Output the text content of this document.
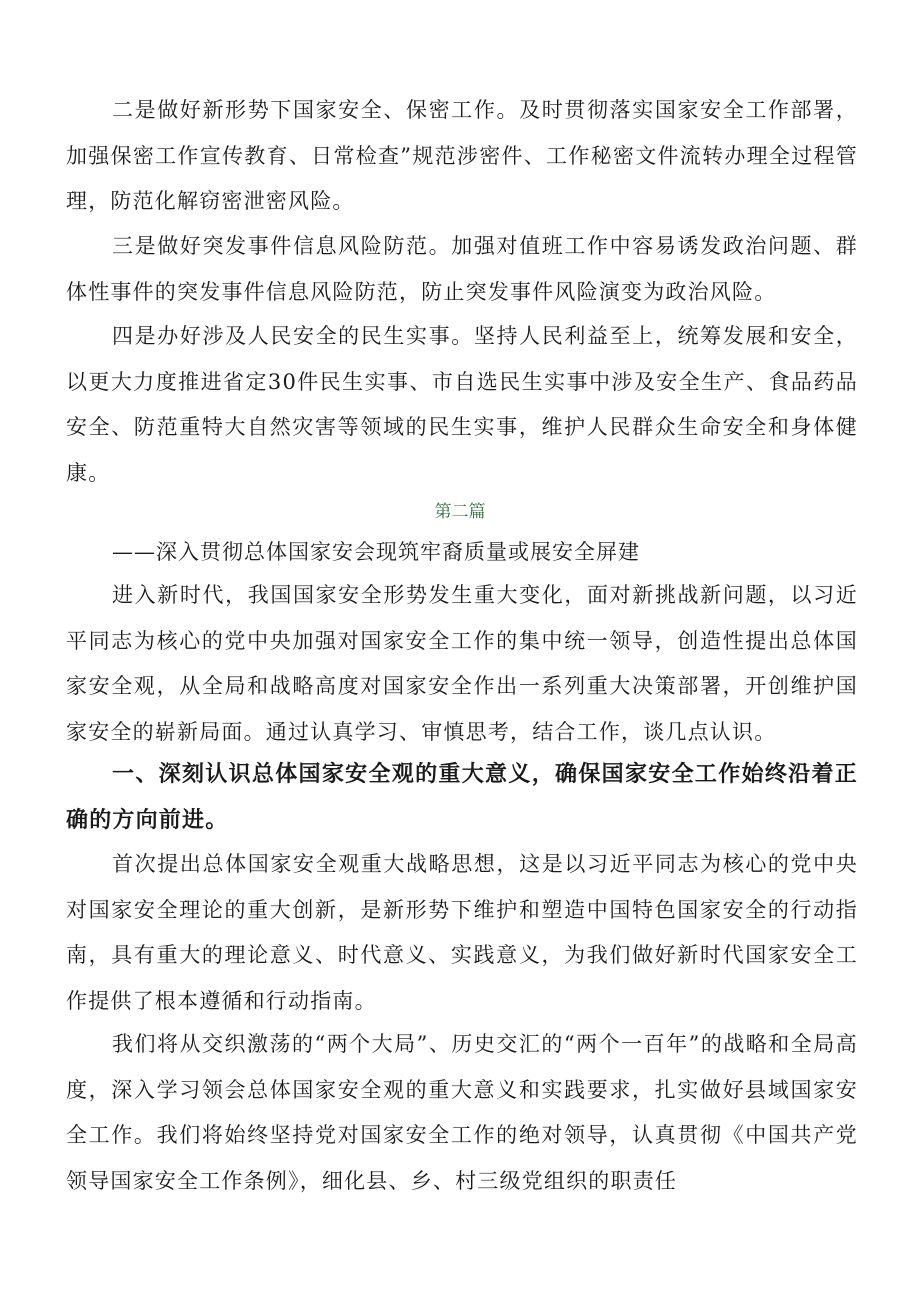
二是做好新形势下国家安全、保密工作。及时贯彻落实国家安全工作部署，加强保密工作宣传教育、日常检查”规范涉密件、工作秘密文件流转办理全过程管理，防范化解窃密泄密风险。

三是做好突发事件信息风险防范。加强对值班工作中容易诱发政治问题、群体性事件的突发事件信息风险防范，防止突发事件风险演变为政治风险。

四是办好涉及人民安全的民生实事。坚持人民利益至上，统筹发展和安全，以更大力度推进省定30件民生实事、市自选民生实事中涉及安全生产、食品药品安全、防范重特大自然灾害等领域的民生实事，维护人民群众生命安全和身体健康。

第二篇

——深入贯彻总体国家安会现筑牢裔质量或展安全屏建

进入新时代，我国国家安全形势发生重大变化，面对新挑战新问题，以习近平同志为核心的党中央加强对国家安全工作的集中统一领导，创造性提出总体国家安全观，从全局和战略高度对国家安全作出一系列重大决策部署，开创维护国家安全的崭新局面。通过认真学习、审慎思考，结合工作，谈几点认识。

一、深刻认识总体国家安全观的重大意义，确保国家安全工作始终沿着正确的方向前进。

首次提出总体国家安全观重大战略思想，这是以习近平同志为核心的党中央对国家安全理论的重大创新，是新形势下维护和塑造中国特色国家安全的行动指南，具有重大的理论意义、时代意义、实践意义，为我们做好新时代国家安全工作提供了根本遵循和行动指南。

我们将从交织激荡的“两个大局”、历史交汇的“两个一百年”的战略和全局高度，深入学习领会总体国家安全观的重大意义和实践要求，扎实做好县域国家安全工作。我们将始终坚持党对国家安全工作的绝对领导，认真贯彻《中国共产党领导国家安全工作条例》，细化县、乡、村三级党组织的职责任
